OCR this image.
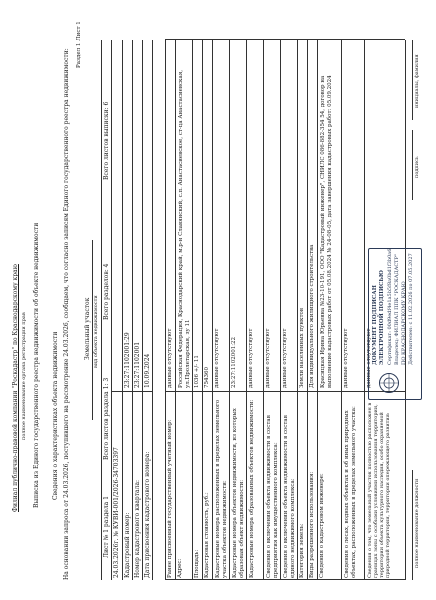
Филиал публично-правовой компании "Роскадастр" по Краснодарскому краю полное наименование органа регистрации прав Выписка из Единого государственного реестра недвижимости об объекте недвижимости Сведения о характеристиках объекта недвижимости На основании запроса от 24.03.2026, поступившего на рассмотрение 24.03.2026, сообщаем, что согласно записям Единого государственного реестра недвижимости:
Раздел 1 Лист 1
Земельный участок вид объекта недвижимости
Лист № 1 раздела 1
Всего листов раздела 1: 3
Всего разделов: 4
Всего листов выписки: 6
24.03.2026г. № КУВИ-001/2026-34703397 Кадастровый номер:
23:27:1102001:29
Номер кадастрового квартала:
23:27:1102001
Дата присвоения кадастрового номера:
10.09.2024
Ранее присвоенный государственный учетный номер:
данные отсутствуют
Адрес:
Российская Федерация, Краснодарский край, м.р-н Славянский, с.п. Анастасиевское, ст-ца Анастасиевская, ул.Пролетарская, зу 11
Площадь:
1036 +/- 11
Кадастровая стоимость, руб.:
754360
Кадастровые номера расположенных в пределах земельного участка объектов недвижимости:
данные отсутствуют
Кадастровые номера объектов недвижимости, из которых образован объект недвижимости:
23:27:1102001:22
Кадастровые номера образованных объектов недвижимости:
данные отсутствуют
Сведения о включении объекта недвижимости в состав предприятия как имущественного комплекса:
данные отсутствуют
Сведения о включении объекта недвижимости в состав единого недвижимого комплекса:
данные отсутствуют
Категория земель:
Земли населенных пунктов
Виды разрешенного использования:
Для индивидуального жилищного строительства
Сведения о кадастровом инженере:
Красицкая Ирина Юрьевна №23-10-191, ООО "Кадастровый инженер", СНИЛС 086-882-354 54, договор на выполнение кадастровых работ от 05.08.2024 № 24-08-05, дата завершения кадастровых работ: 05.09.2024
Сведения о лесах, водных объектах и об иных природных объектах, расположенных в пределах земельного участка:
данные отсутствуют
Сведения о том, что земельный участок полностью расположен в границах зоны с особыми условиями использования территории, территории объекта культурного наследия, особо охраняемой природной территории, территории опережающего развития:
данные отсутствуют
полное наименование должности
подпись
инициалы, фамилия
ДОКУМЕНТ ПОДПИСАН ЭЛЕКТРОННОЙ ПОДПИСЬЮ Сертификат: 00d9edf4e1a5b5f8a0bd1f3b0a6 Владелец: ФИЛИАЛ ППК "РОСКАДАСТР" ПО КРАСНОДАРСКОМУ КРАЮ Действителен: с 11.02.2026 по 07.05.2027
